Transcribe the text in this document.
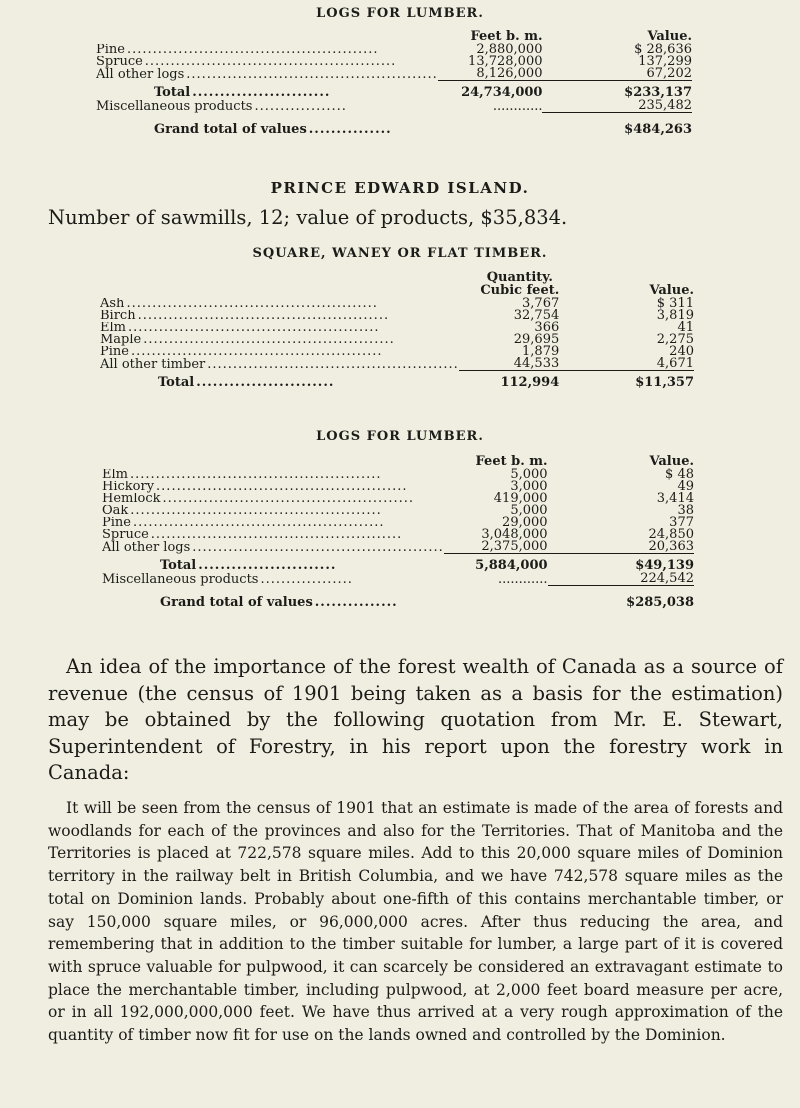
LOGS FOR LUMBER.
	Feet b. m.	Value.
Pine .................................................	2,880,000	$ 28,636
Spruce .................................................	13,728,000	137,299
All other logs .................................................	8,126,000	67,202
Total .........................	24,734,000	$233,137
Miscellaneous products ..................	............	235,482
Grand total of values ...............		$484,263
PRINCE EDWARD ISLAND.
Number of sawmills, 12; value of products, $35,834.
SQUARE, WANEY OR FLAT TIMBER.
	Quantity.
Cubic feet.	Value.
Ash .................................................	3,767	$ 311
Birch .................................................	32,754	3,819
Elm .................................................	366	41
Maple .................................................	29,695	2,275
Pine .................................................	1,879	240
All other timber .................................................	44,533	4,671
Total .........................	112,994	$11,357
LOGS FOR LUMBER.
	Feet b. m.	Value.
Elm .................................................	5,000	$ 48
Hickory .................................................	3,000	49
Hemlock .................................................	419,000	3,414
Oak .................................................	5,000	38
Pine .................................................	29,000	377
Spruce .................................................	3,048,000	24,850
All other logs .................................................	2,375,000	20,363
Total .........................	5,884,000	$49,139
Miscellaneous products ..................	............	224,542
Grand total of values ...............		$285,038
An idea of the importance of the forest wealth of Canada as a source of revenue (the census of 1901 being taken as a basis for the estimation) may be obtained by the following quotation from Mr. E. Stewart, Superintendent of Forestry, in his report upon the forestry work in Canada:
It will be seen from the census of 1901 that an estimate is made of the area of forests and woodlands for each of the provinces and also for the Territories. That of Manitoba and the Territories is placed at 722,578 square miles. Add to this 20,000 square miles of Dominion territory in the railway belt in British Columbia, and we have 742,578 square miles as the total on Dominion lands. Probably about one-fifth of this contains merchantable timber, or say 150,000 square miles, or 96,000,000 acres. After thus reducing the area, and remembering that in addition to the timber suitable for lumber, a large part of it is covered with spruce valuable for pulpwood, it can scarcely be considered an extravagant estimate to place the merchantable timber, including pulpwood, at 2,000 feet board measure per acre, or in all 192,000,000,000 feet. We have thus arrived at a very rough approximation of the quantity of timber now fit for use on the lands owned and controlled by the Dominion.
